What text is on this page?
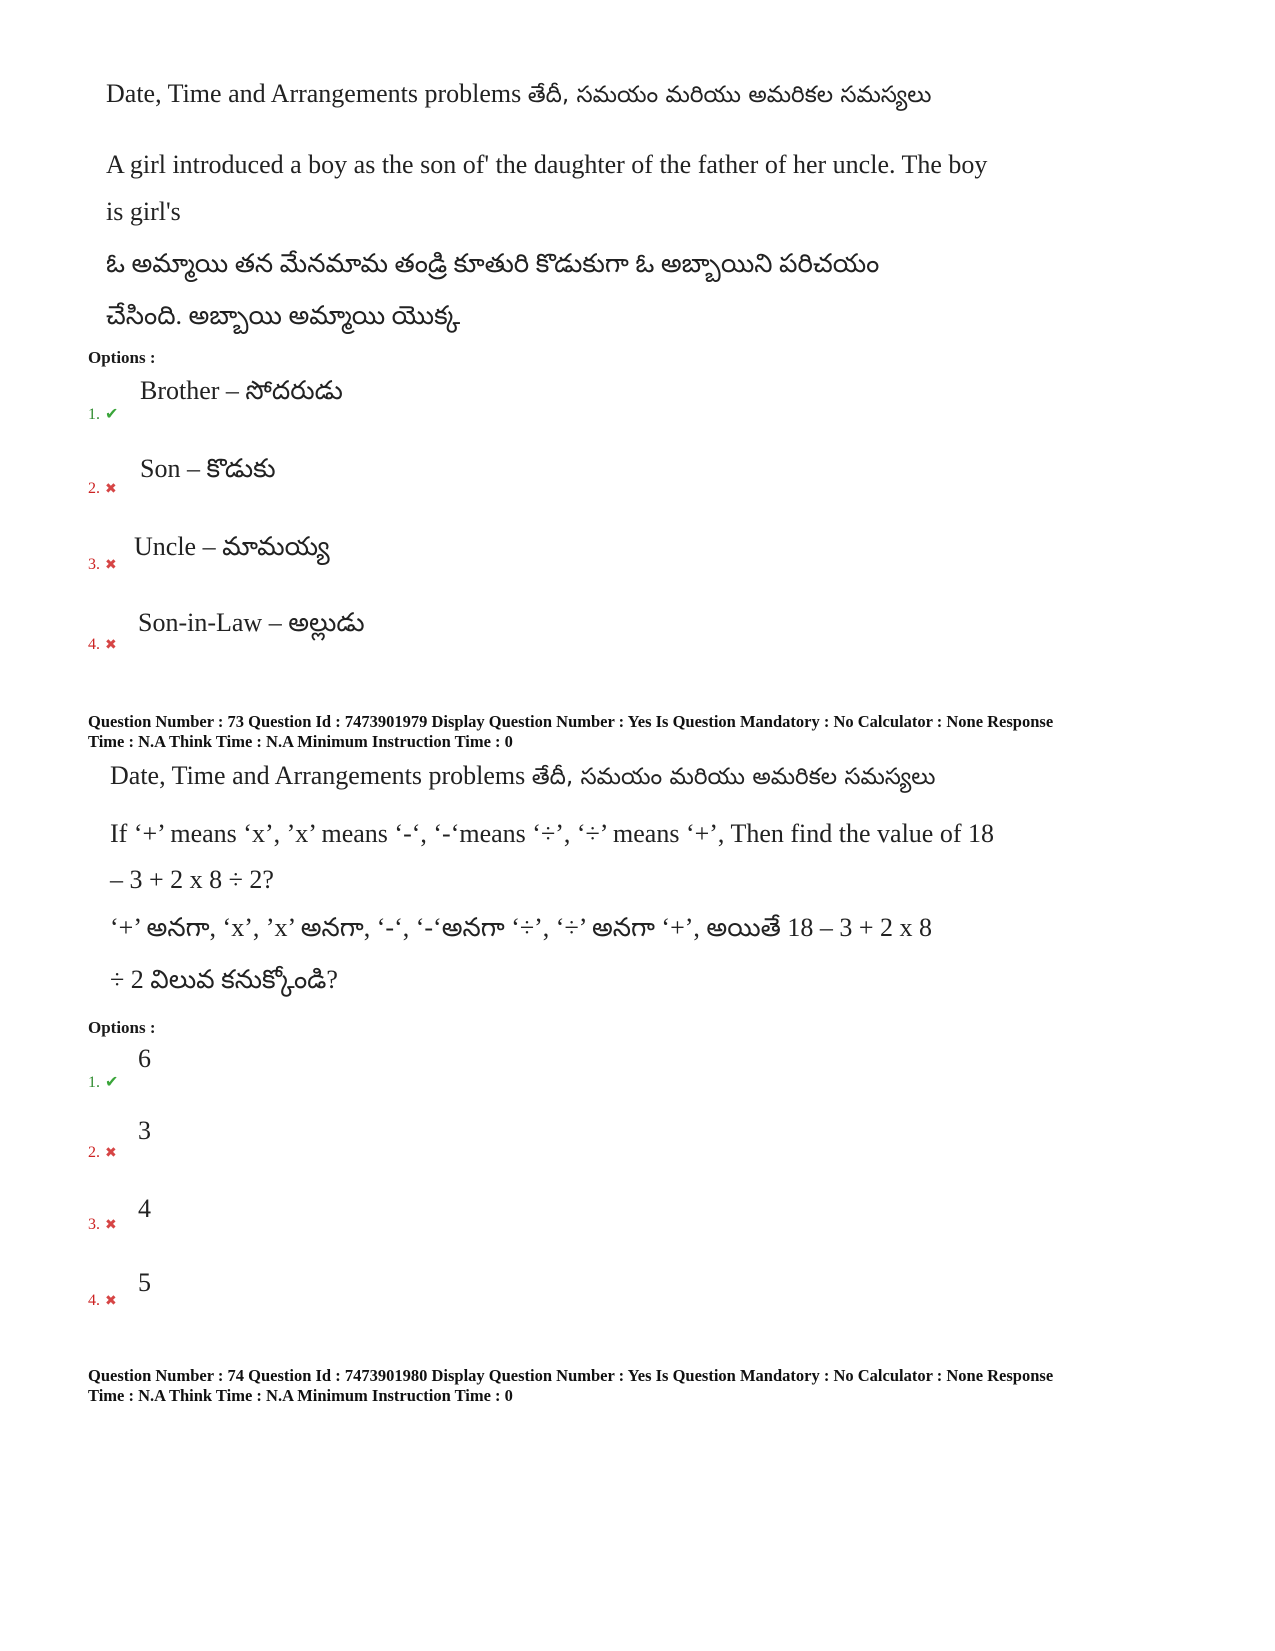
Date, Time and Arrangements problems తేదీ, సమయం మరియు అమరికల సమస్యలు
A girl introduced a boy as the son of' the daughter of the father of her uncle. The boy
is girl's
ఓ అమ్మాయి తన మేనమామ తండ్రి కూతురి కొడుకుగా ఓ అబ్బాయిని పరిచయం
చేసింది. అబ్బాయి అమ్మాయి యొక్క
Options :
1. ✔
Brother – సోదరుడు
2. ✖
Son – కొడుకు
3. ✖
Uncle – మామయ్య
4. ✖
Son-in-Law – అల్లుడు
Question Number : 73 Question Id : 7473901979 Display Question Number : Yes Is Question Mandatory : No Calculator : None Response
Time : N.A Think Time : N.A Minimum Instruction Time : 0
Date, Time and Arrangements problems తేదీ, సమయం మరియు అమరికల సమస్యలు
If ‘+’ means ‘x’, ’x’ means ‘-‘, ‘-‘means ‘÷’, ‘÷’ means ‘+’, Then find the value of 18
– 3 + 2 x 8 ÷ 2?
‘+’ అనగా, ‘x’, ’x’ అనగా, ‘-‘, ‘-‘అనగా ‘÷’, ‘÷’ అనగా ‘+’, అయితే 18 – 3 + 2 x 8
÷ 2 విలువ కనుక్కోండి?
Options :
1. ✔
6
2. ✖
3
3. ✖
4
4. ✖
5
Question Number : 74 Question Id : 7473901980 Display Question Number : Yes Is Question Mandatory : No Calculator : None Response
Time : N.A Think Time : N.A Minimum Instruction Time : 0
